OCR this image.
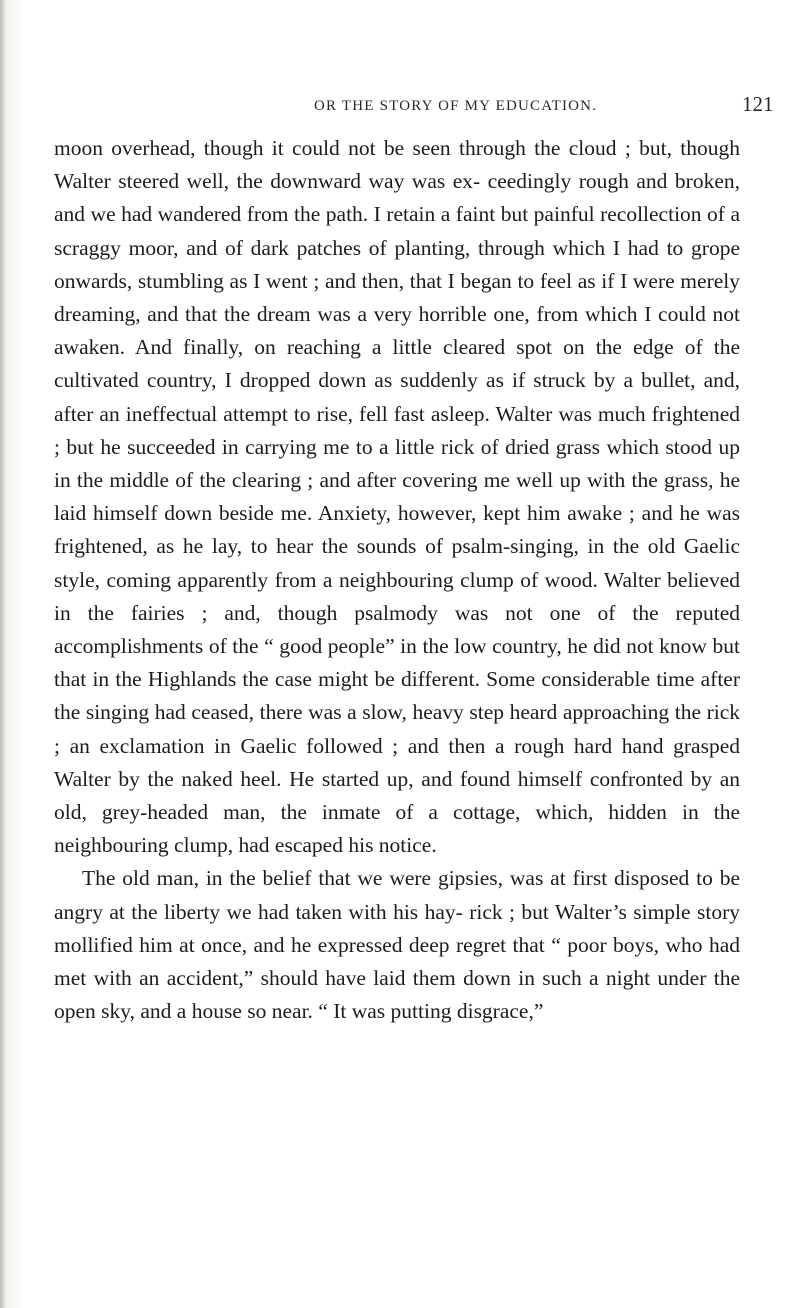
OR THE STORY OF MY EDUCATION.	121

moon overhead, though it could not be seen through the cloud ; but, though Walter steered well, the downward way was ex- ceedingly rough and broken, and we had wandered from the path. I retain a faint but painful recollection of a scraggy moor, and of dark patches of planting, through which I had to grope onwards, stumbling as I went ; and then, that I began to feel as if I were merely dreaming, and that the dream was a very horrible one, from which I could not awaken. And finally, on reaching a little cleared spot on the edge of the cultivated country, I dropped down as suddenly as if struck by a bullet, and, after an ineffectual attempt to rise, fell fast asleep. Walter was much frightened ; but he succeeded in carrying me to a little rick of dried grass which stood up in the middle of the clearing ; and after covering me well up with the grass, he laid himself down beside me. Anxiety, however, kept him awake ; and he was frightened, as he lay, to hear the sounds of psalm-singing, in the old Gaelic style, coming apparently from a neighbouring clump of wood. Walter believed in the fairies ; and, though psalmody was not one of the reputed accomplishments of the “ good people” in the low country, he did not know but that in the Highlands the case might be different. Some considerable time after the singing had ceased, there was a slow, heavy step heard approaching the rick ; an exclamation in Gaelic followed ; and then a rough hard hand grasped Walter by the naked heel. He started up, and found himself confronted by an old, grey-headed man, the inmate of a cottage, which, hidden in the neighbouring clump, had escaped his notice.

The old man, in the belief that we were gipsies, was at first disposed to be angry at the liberty we had taken with his hay- rick ; but Walter’s simple story mollified him at once, and he expressed deep regret that “ poor boys, who had met with an accident,” should have laid them down in such a night under the open sky, and a house so near. “ It was putting disgrace,”
